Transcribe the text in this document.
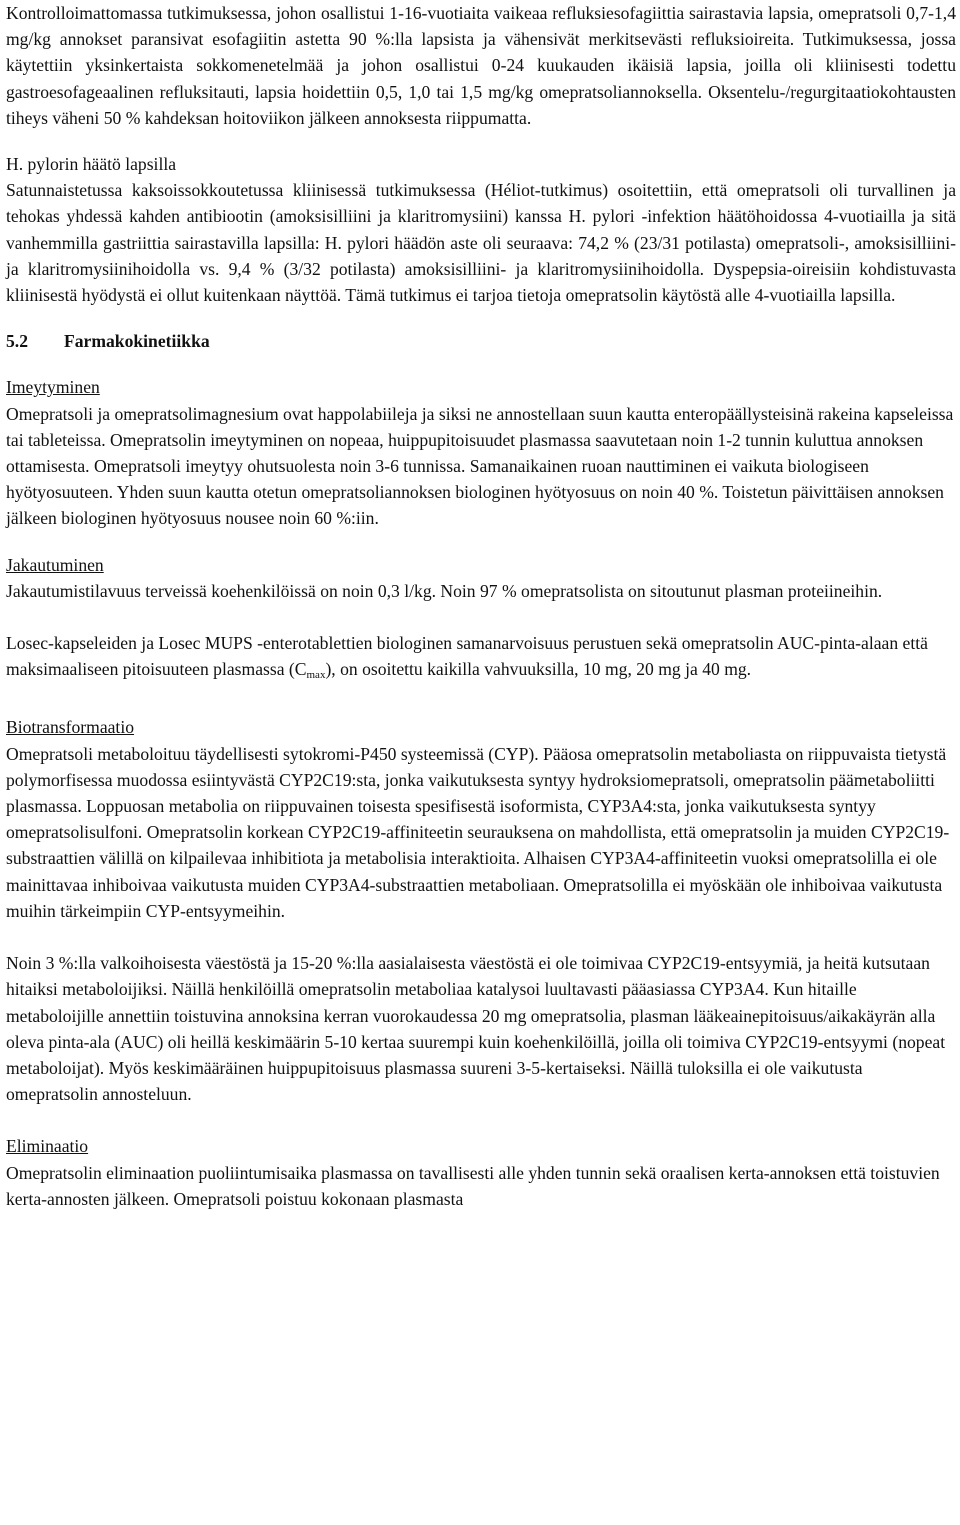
Kontrolloimattomassa tutkimuksessa, johon osallistui 1-16-vuotiaita vaikeaa refluksiesofagiittia sairastavia lapsia, omepratsoli 0,7-1,4 mg/kg annokset paransivat esofagiitin astetta 90 %:lla lapsista ja vähensivät merkitsevästi refluksioireita. Tutkimuksessa, jossa käytettiin yksinkertaista sokkomenetelmää ja johon osallistui 0-24 kuukauden ikäisiä lapsia, joilla oli kliinisesti todettu gastroesofageaalinen refluksitauti, lapsia hoidettiin 0,5, 1,0 tai 1,5 mg/kg omepratsoliannoksella. Oksentelu-/regurgitaatiokohtausten tiheys väheni 50 % kahdeksan hoitoviikon jälkeen annoksesta riippumatta.

H. pylorin häätö lapsilla

Satunnaistetussa kaksoissokkoutetussa kliinisessä tutkimuksessa (Héliot-tutkimus) osoitettiin, että omepratsoli oli turvallinen ja tehokas yhdessä kahden antibiootin (amoksisilliini ja klaritromysiini) kanssa H. pylori -infektion häätöhoidossa 4-vuotiailla ja sitä vanhemmilla gastriittia sairastavilla lapsilla: H. pylori häädön aste oli seuraava: 74,2 % (23/31 potilasta) omepratsoli-, amoksisilliini- ja klaritromysiinihoidolla vs. 9,4 % (3/32 potilasta) amoksisilliini- ja klaritromysiinihoidolla. Dyspepsia-oireisiin kohdistuvasta kliinisestä hyödystä ei ollut kuitenkaan näyttöä. Tämä tutkimus ei tarjoa tietoja omepratsolin käytöstä alle 4-vuotiailla lapsilla.

5.2 Farmakokinetiikka

Imeytyminen

Omepratsoli ja omepratsolimagnesium ovat happolabiileja ja siksi ne annostellaan suun kautta enteropäällysteisinä rakeina kapseleissa tai tableteissa. Omepratsolin imeytyminen on nopeaa, huippupitoisuudet plasmassa saavutetaan noin 1-2 tunnin kuluttua annoksen ottamisesta. Omepratsoli imeytyy ohutsuolesta noin 3-6 tunnissa. Samanaikainen ruoan nauttiminen ei vaikuta biologiseen hyötyosuuteen. Yhden suun kautta otetun omepratsoliannoksen biologinen hyötyosuus on noin 40 %. Toistetun päivittäisen annoksen jälkeen biologinen hyötyosuus nousee noin 60 %:iin.

Jakautuminen

Jakautumistilavuus terveissä koehenkilöissä on noin 0,3 l/kg. Noin 97 % omepratsolista on sitoutunut plasman proteiineihin.

Losec-kapseleiden ja Losec MUPS -enterotablettien biologinen samanarvoisuus perustuen sekä omepratsolin AUC-pinta-alaan että maksimaaliseen pitoisuuteen plasmassa $(C_{max})$, on osoitettu kaikilla vahvuuksilla, 10 mg, 20 mg ja 40 mg.

Biotransformaatio

Omepratsoli metaboloituu täydellisesti sytokromi-P450 systeemissä (CYP). Pääosa omepratsolin metaboliasta on riippuvaista tietystä polymorfisessa muodossa esiintyvästä CYP2C19:sta, jonka vaikutuksesta syntyy hydroksiomepratsoli, omepratsolin päämetaboliitti plasmassa. Loppuosan metabolia on riippuvainen toisesta spesifisestä isoformista, CYP3A4:sta, jonka vaikutuksesta syntyy omepratsolisulfoni. Omepratsolin korkean CYP2C19-affiniteetin seurauksena on mahdollista, että omepratsolin ja muiden CYP2C19-substraattien välillä on kilpailevaa inhibitiota ja metabolisia interaktioita. Alhaisen CYP3A4-affiniteetin vuoksi omepratsolilla ei ole mainittavaa inhiboivaa vaikutusta muiden CYP3A4-substraattien metaboliaan. Omepratsolilla ei myöskään ole inhiboivaa vaikutusta muihin tärkeimpiin CYP-entsyymeihin.

Noin 3 %:lla valkoihoisesta väestöstä ja 15-20 %:lla aasialaisesta väestöstä ei ole toimivaa CYP2C19-entsyymiä, ja heitä kutsutaan hitaiksi metaboloijiksi. Näillä henkilöillä omepratsolin metaboliaa katalysoi luultavasti pääasiassa CYP3A4. Kun hitaille metaboloijille annettiin toistuvina annoksina kerran vuorokaudessa 20 mg omepratsolia, plasman lääkeainepitoisuus/aikakäyrän alla oleva pinta-ala (AUC) oli heillä keskimäärin 5-10 kertaa suurempi kuin koehenkilöillä, joilla oli toimiva CYP2C19-entsyymi (nopeat metaboloijat). Myös keskimääräinen huippupitoisuus plasmassa suureni 3-5-kertaiseksi. Näillä tuloksilla ei ole vaikutusta omepratsolin annosteluun.

Eliminaatio

Omepratsolin eliminaation puoliintumisaika plasmassa on tavallisesti alle yhden tunnin sekä oraalisen kerta-annoksen että toistuvien kerta-annosten jälkeen. Omepratsoli poistuu kokonaan plasmasta
